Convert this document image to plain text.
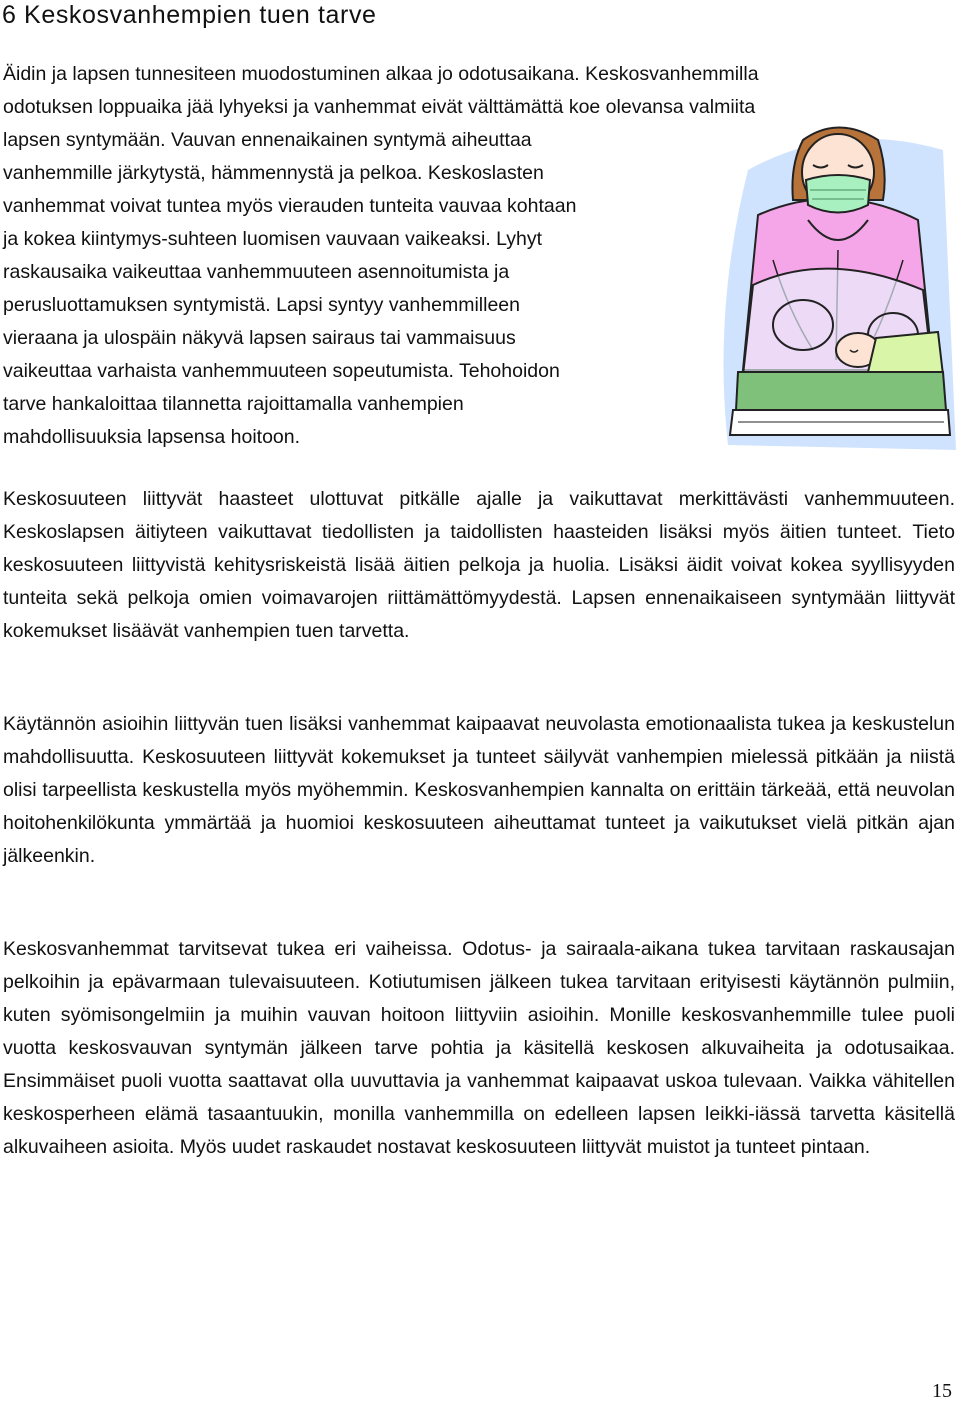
6 Keskosvanhempien tuen tarve

Äidin ja lapsen tunnesiteen muodostuminen alkaa jo odotusaikana. Keskosvanhemmilla
odotuksen loppuaika jää lyhyeksi ja vanhemmat eivät välttämättä koe olevansa valmiita
lapsen syntymään. Vauvan ennenaikainen syntymä aiheuttaa
vanhemmille järkytystä, hämmennystä ja pelkoa. Keskoslasten
vanhemmat voivat tuntea myös vierauden tunteita vauvaa kohtaan
ja kokea kiintymys-suhteen luomisen vauvaan vaikeaksi. Lyhyt
raskausaika vaikeuttaa vanhemmuuteen asennoitumista ja
perusluottamuksen syntymistä. Lapsi syntyy vanhemmilleen
vieraana ja ulospäin näkyvä lapsen sairaus tai vammaisuus
vaikeuttaa varhaista vanhemmuuteen sopeutumista. Tehohoidon
tarve hankaloittaa tilannetta rajoittamalla vanhempien
mahdollisuuksia lapsensa hoitoon.

Keskosuuteen liittyvät haasteet ulottuvat pitkälle ajalle ja vaikuttavat merkittävästi vanhemmuuteen. Keskoslapsen äitiyteen vaikuttavat tiedollisten ja taidollisten haasteiden lisäksi myös äitien tunteet. Tieto keskosuuteen liittyvistä kehitysriskeistä lisää äitien pelkoja ja huolia. Lisäksi äidit voivat kokea syyllisyyden tunteita sekä pelkoja omien voimavarojen riittämättömyydestä. Lapsen ennenaikaiseen syntymään liittyvät kokemukset lisäävät vanhempien tuen tarvetta.

Käytännön asioihin liittyvän tuen lisäksi vanhemmat kaipaavat neuvolasta emotionaalista tukea ja keskustelun mahdollisuutta. Keskosuuteen liittyvät kokemukset ja tunteet säilyvät vanhempien mielessä pitkään ja niistä olisi tarpeellista keskustella myös myöhemmin. Keskosvanhempien kannalta on erittäin tärkeää, että neuvolan hoitohenkilökunta ymmärtää ja huomioi keskosuuteen aiheuttamat tunteet ja vaikutukset vielä pitkän ajan jälkeenkin.

Keskosvanhemmat tarvitsevat tukea eri vaiheissa. Odotus- ja sairaala-aikana tukea tarvitaan raskausajan pelkoihin ja epävarmaan tulevaisuuteen. Kotiutumisen jälkeen tukea tarvitaan erityisesti käytännön pulmiin, kuten syömisongelmiin ja muihin vauvan hoitoon liittyviin asioihin. Monille keskosvanhemmille tulee puoli vuotta keskosvauvan syntymän jälkeen tarve pohtia ja käsitellä keskosen alkuvaiheita ja odotusaikaa. Ensimmäiset puoli vuotta saattavat olla uuvuttavia ja vanhemmat kaipaavat uskoa tulevaan. Vaikka vähitellen keskosperheen elämä tasaantuukin, monilla vanhemmilla on edelleen lapsen leikki-iässä tarvetta käsitellä alkuvaiheen asioita. Myös uudet raskaudet nostavat keskosuuteen liittyvät muistot ja tunteet pintaan.

15
